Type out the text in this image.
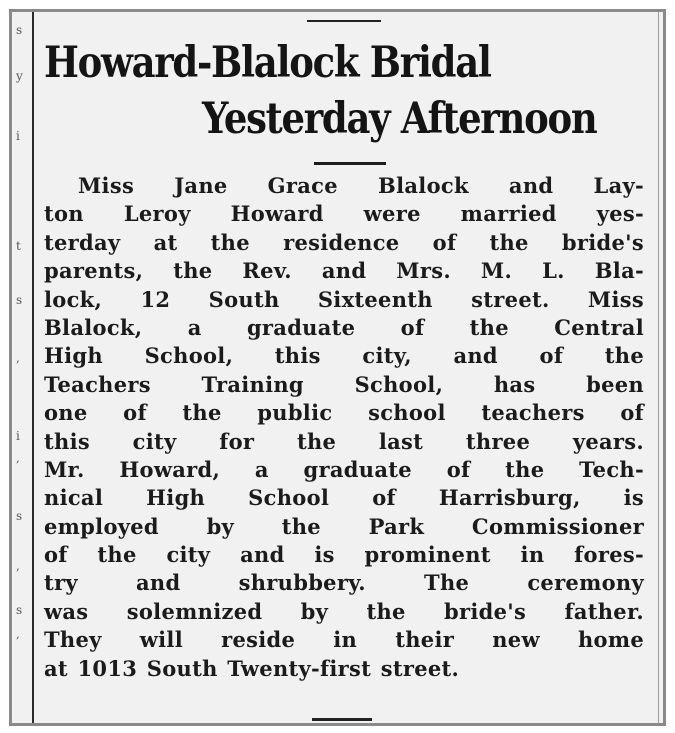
s
y
i
t
s
,
i
,
s
,
s
,
Howard-Blalock Bridal
Yesterday Afternoon
Miss Jane Grace Blalock and Lay-
ton Leroy Howard were married yes-
terday at the residence of the bride's
parents, the Rev. and Mrs. M. L. Bla-
lock, 12 South Sixteenth street. Miss
Blalock, a graduate of the Central
High School, this city, and of the
Teachers Training School, has been
one of the public school teachers of
this city for the last three years.
Mr. Howard, a graduate of the Tech-
nical High School of Harrisburg, is
employed by the Park Commissioner
of the city and is prominent in fores-
try and shrubbery. The ceremony
was solemnized by the bride's father.
They will reside in their new home
at 1013 South Twenty-first street.
